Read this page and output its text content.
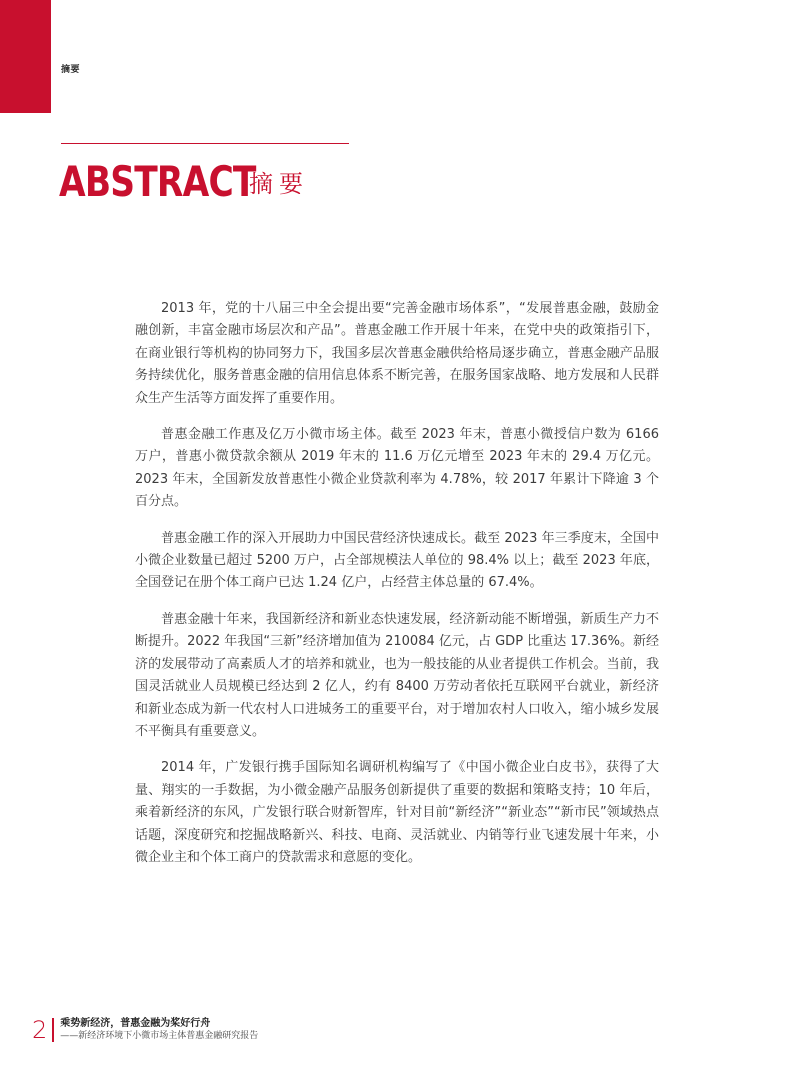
摘要
ABSTRACT
摘要

2013 年，党的十八届三中全会提出要“完善金融市场体系”，“发展普惠金融，鼓励金融创新，丰富金融市场层次和产品”。普惠金融工作开展十年来，在党中央的政策指引下，在商业银行等机构的协同努力下，我国多层次普惠金融供给格局逐步确立，普惠金融产品服务持续优化，服务普惠金融的信用信息体系不断完善，在服务国家战略、地方发展和人民群众生产生活等方面发挥了重要作用。

普惠金融工作惠及亿万小微市场主体。截至 2023 年末，普惠小微授信户数为 6166 万户，普惠小微贷款余额从 2019 年末的 11.6 万亿元增至 2023 年末的 29.4 万亿元。2023 年末，全国新发放普惠性小微企业贷款利率为 4.78%，较 2017 年累计下降逾 3 个百分点。

普惠金融工作的深入开展助力中国民营经济快速成长。截至 2023 年三季度末，全国中小微企业数量已超过 5200 万户，占全部规模法人单位的 98.4% 以上；截至 2023 年底，全国登记在册个体工商户已达 1.24 亿户，占经营主体总量的 67.4%。

普惠金融十年来，我国新经济和新业态快速发展，经济新动能不断增强，新质生产力不断提升。2022 年我国“三新”经济增加值为 210084 亿元，占 GDP 比重达 17.36%。新经济的发展带动了高素质人才的培养和就业，也为一般技能的从业者提供工作机会。当前，我国灵活就业人员规模已经达到 2 亿人，约有 8400 万劳动者依托互联网平台就业，新经济和新业态成为新一代农村人口进城务工的重要平台，对于增加农村人口收入，缩小城乡发展不平衡具有重要意义。

2014 年，广发银行携手国际知名调研机构编写了《中国小微企业白皮书》，获得了大量、翔实的一手数据，为小微金融产品服务创新提供了重要的数据和策略支持；10 年后，乘着新经济的东风，广发银行联合财新智库，针对目前“新经济”“新业态”“新市民”领域热点话题，深度研究和挖掘战略新兴、科技、电商、灵活就业、内销等行业飞速发展十年来，小微企业主和个体工商户的贷款需求和意愿的变化。

2 乘势新经济，普惠金融为桨好行舟
——新经济环境下小微市场主体普惠金融研究报告
